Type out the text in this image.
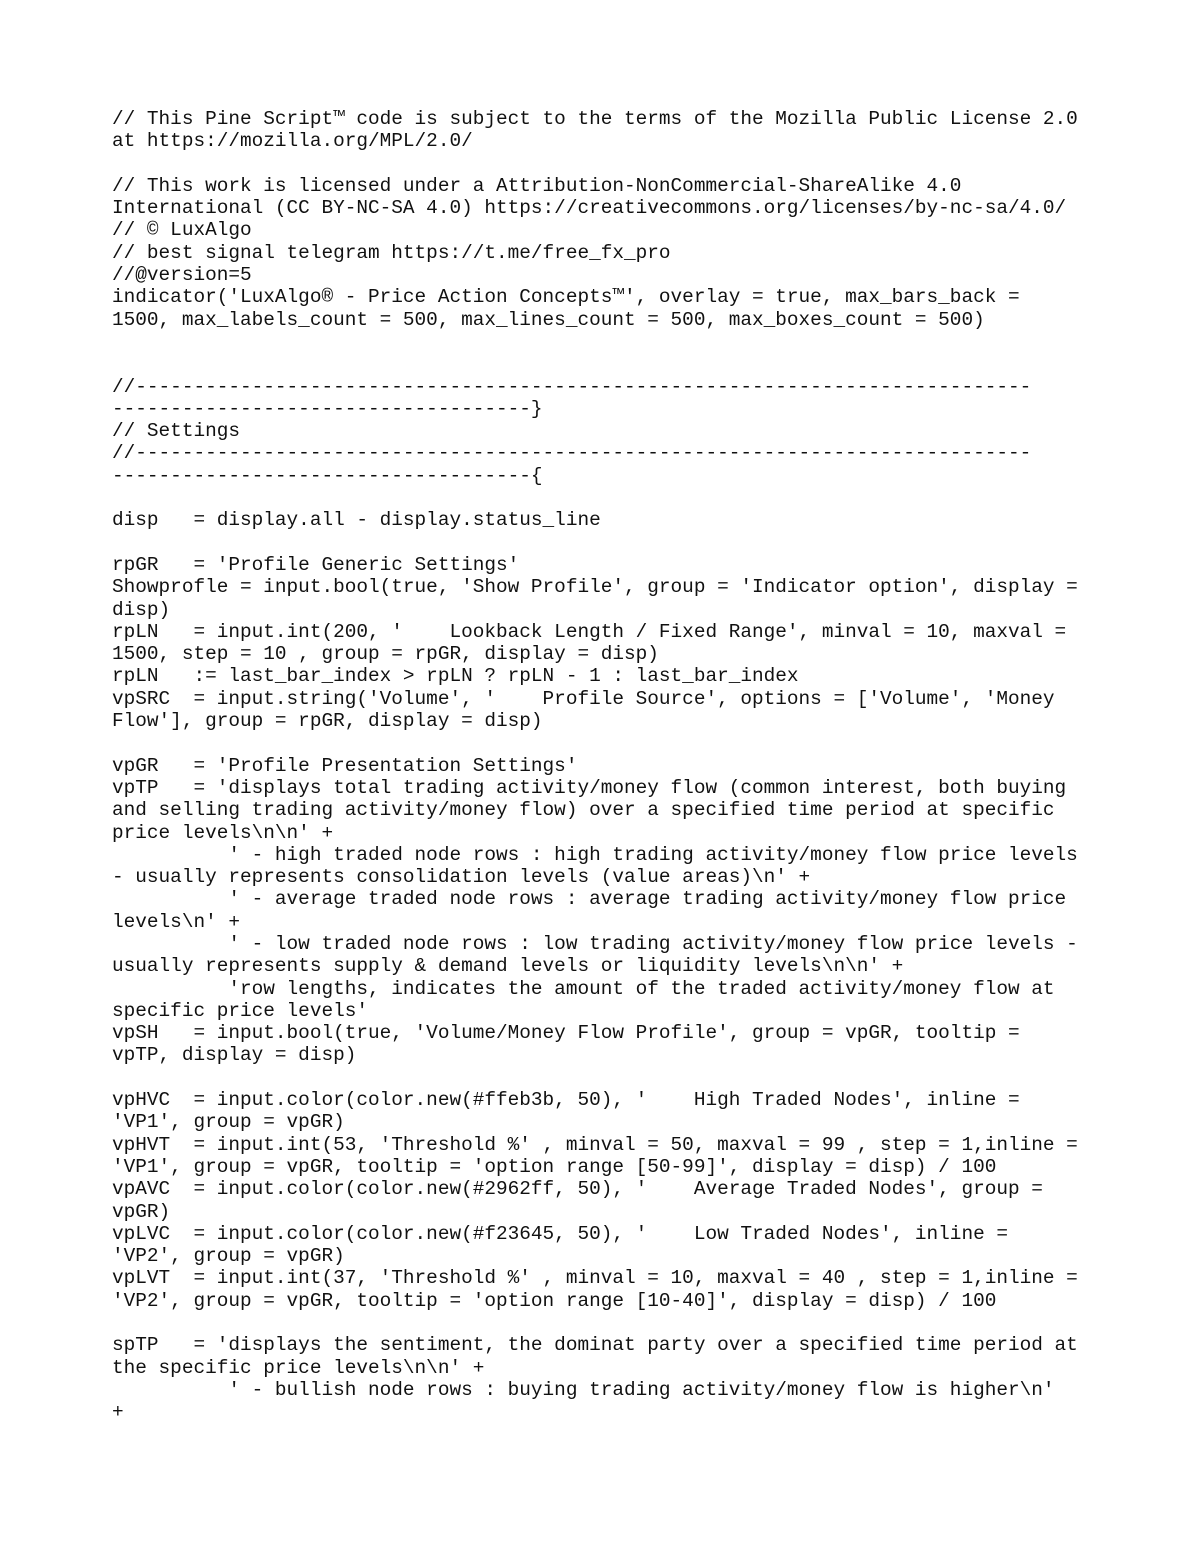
// This Pine Script™ code is subject to the terms of the Mozilla Public License 2.0
at https://mozilla.org/MPL/2.0/
// This work is licensed under a Attribution-NonCommercial-ShareAlike 4.0
International (CC BY-NC-SA 4.0) https://creativecommons.org/licenses/by-nc-sa/4.0/
// © LuxAlgo
// best signal telegram https://t.me/free_fx_pro
//@version=5
indicator('LuxAlgo® - Price Action Concepts™', overlay = true, max_bars_back =
1500, max_labels_count = 500, max_lines_count = 500, max_boxes_count = 500)
//-----------------------------------------------------------------------------
------------------------------------}
// Settings
//-----------------------------------------------------------------------------
------------------------------------{
disp   = display.all - display.status_line
rpGR   = 'Profile Generic Settings'
Showprofle = input.bool(true, 'Show Profile', group = 'Indicator option', display =
disp)
rpLN   = input.int(200, '    Lookback Length / Fixed Range', minval = 10, maxval =
1500, step = 10 , group = rpGR, display = disp)
rpLN   := last_bar_index > rpLN ? rpLN - 1 : last_bar_index
vpSRC  = input.string('Volume', '    Profile Source', options = ['Volume', 'Money
Flow'], group = rpGR, display = disp)
vpGR   = 'Profile Presentation Settings'
vpTP   = 'displays total trading activity/money flow (common interest, both buying
and selling trading activity/money flow) over a specified time period at specific
price levels\n\n' +
' - high traded node rows : high trading activity/money flow price levels
- usually represents consolidation levels (value areas)\n' +
' - average traded node rows : average trading activity/money flow price
levels\n' +
' - low traded node rows : low trading activity/money flow price levels -
usually represents supply & demand levels or liquidity levels\n\n' +
'row lengths, indicates the amount of the traded activity/money flow at
specific price levels'
vpSH   = input.bool(true, 'Volume/Money Flow Profile', group = vpGR, tooltip =
vpTP, display = disp)
vpHVC  = input.color(color.new(#ffeb3b, 50), '    High Traded Nodes', inline =
'VP1', group = vpGR)
vpHVT  = input.int(53, 'Threshold %' , minval = 50, maxval = 99 , step = 1,inline =
'VP1', group = vpGR, tooltip = 'option range [50-99]', display = disp) / 100
vpAVC  = input.color(color.new(#2962ff, 50), '    Average Traded Nodes', group =
vpGR)
vpLVC  = input.color(color.new(#f23645, 50), '    Low Traded Nodes', inline =
'VP2', group = vpGR)
vpLVT  = input.int(37, 'Threshold %' , minval = 10, maxval = 40 , step = 1,inline =
'VP2', group = vpGR, tooltip = 'option range [10-40]', display = disp) / 100
spTP   = 'displays the sentiment, the dominat party over a specified time period at
the specific price levels\n\n' +
' - bullish node rows : buying trading activity/money flow is higher\n'
+
